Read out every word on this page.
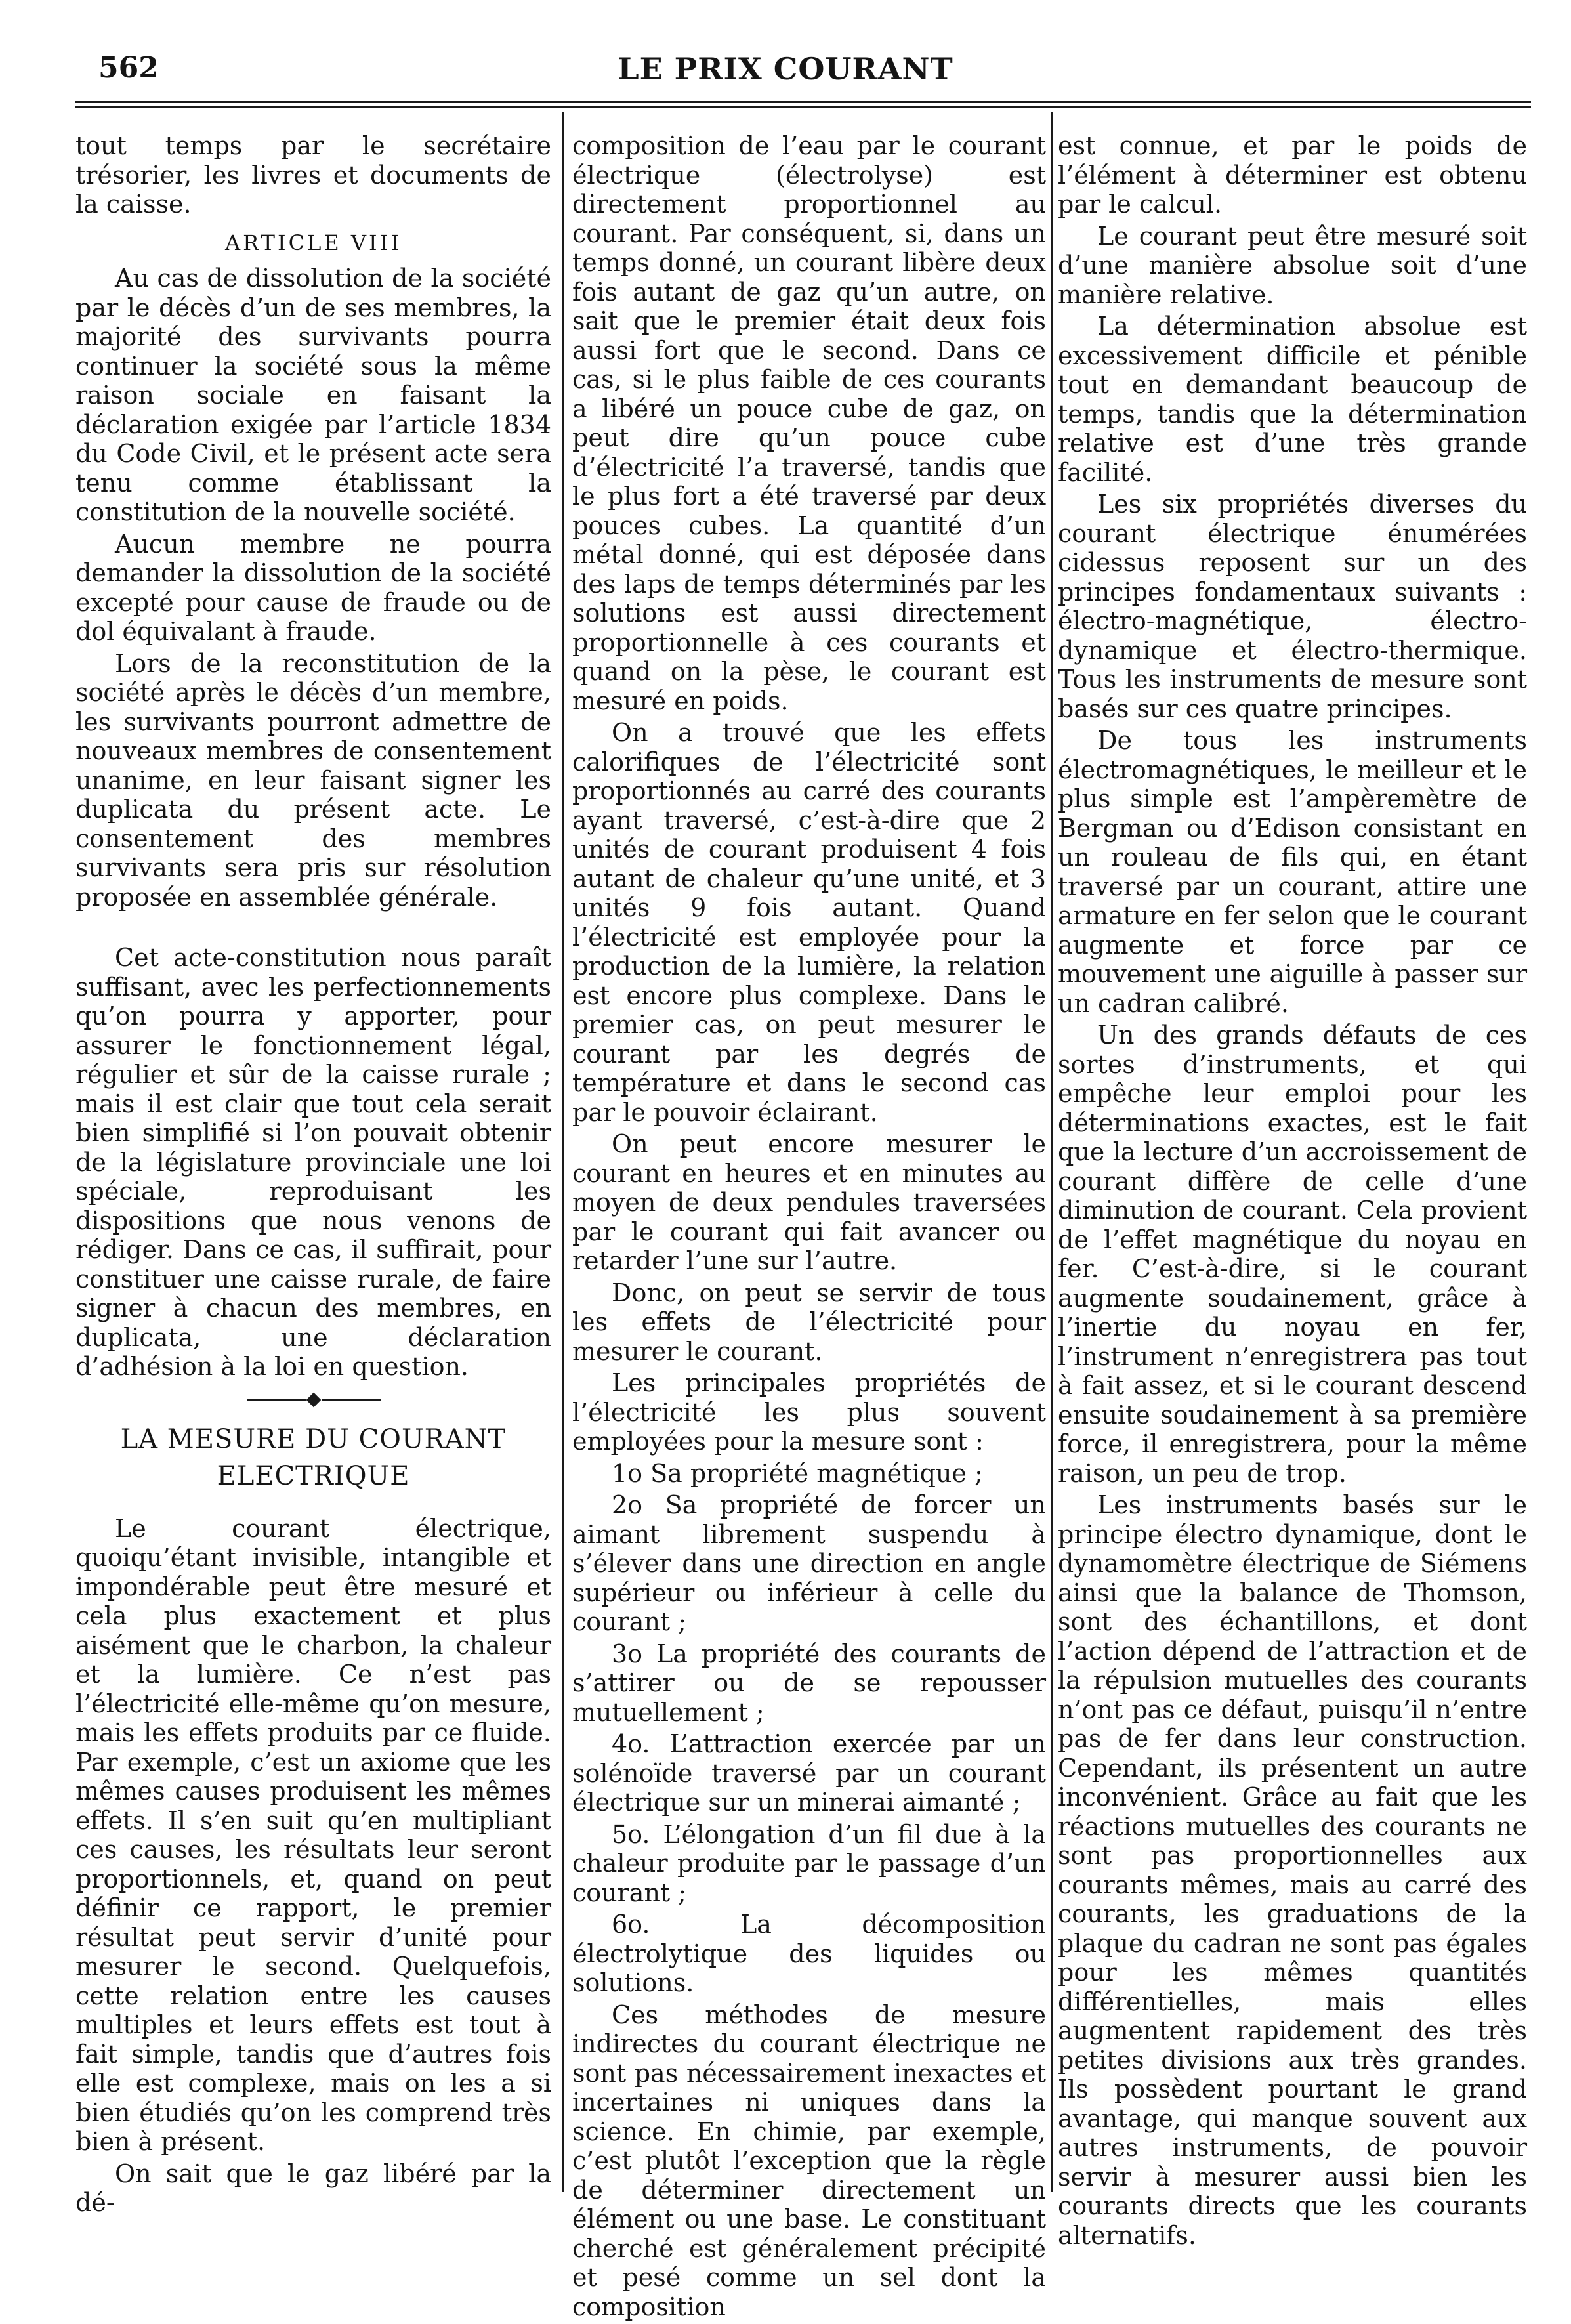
562	LE PRIX COURANT

tout temps par le secrétaire trésorier, les livres et documents de la caisse.

ARTICLE VIII

Au cas de dissolution de la société par le décès d’un de ses membres, la majorité des survivants pourra continuer la société sous la même raison sociale en faisant la déclaration exigée par l’article 1834 du Code Civil, et le présent acte sera tenu comme établissant la constitution de la nouvelle société.

Aucun membre ne pourra demander la dissolution de la société excepté pour cause de fraude ou de dol équivalant à fraude.

Lors de la reconstitution de la société après le décès d’un membre, les survivants pourront admettre de nouveaux membres de consentement unanime, en leur faisant signer les duplicata du présent acte. Le consentement des membres survivants sera pris sur résolution proposée en assemblée générale.

Cet acte-constitution nous paraît suffisant, avec les perfectionnements qu’on pourra y apporter, pour assurer le fonctionnement légal, régulier et sûr de la caisse rurale ; mais il est clair que tout cela serait bien simplifié si l’on pouvait obtenir de la législature provinciale une loi spéciale, reproduisant les dispositions que nous venons de rédiger. Dans ce cas, il suffirait, pour constituer une caisse rurale, de faire signer à chacun des membres, en duplicata, une déclaration d’adhésion à la loi en question.

LA MESURE DU COURANT
ELECTRIQUE

Le courant électrique, quoiqu’étant invisible, intangible et impondérable peut être mesuré et cela plus exactement et plus aisément que le charbon, la chaleur et la lumière. Ce n’est pas l’électricité elle-même qu’on mesure, mais les effets produits par ce fluide. Par exemple, c’est un axiome que les mêmes causes produisent les mêmes effets. Il s’en suit qu’en multipliant ces causes, les résultats leur seront proportionnels, et, quand on peut définir ce rapport, le premier résultat peut servir d’unité pour mesurer le second. Quelquefois, cette relation entre les causes multiples et leurs effets est tout à fait simple, tandis que d’autres fois elle est complexe, mais on les a si bien étudiés qu’on les comprend très bien à présent.

On sait que le gaz libéré par la dé-

composition de l’eau par le courant électrique (électrolyse) est directement proportionnel au courant. Par conséquent, si, dans un temps donné, un courant libère deux fois autant de gaz qu’un autre, on sait que le premier était deux fois aussi fort que le second. Dans ce cas, si le plus faible de ces courants a libéré un pouce cube de gaz, on peut dire qu’un pouce cube d’électricité l’a traversé, tandis que le plus fort a été traversé par deux pouces cubes. La quantité d’un métal donné, qui est déposée dans des laps de temps déterminés par les solutions est aussi directement proportionnelle à ces courants et quand on la pèse, le courant est mesuré en poids.

On a trouvé que les effets calorifiques de l’électricité sont proportionnés au carré des courants ayant traversé, c’est-à-dire que 2 unités de courant produisent 4 fois autant de chaleur qu’une unité, et 3 unités 9 fois autant. Quand l’électricité est employée pour la production de la lumière, la relation est encore plus complexe. Dans le premier cas, on peut mesurer le courant par les degrés de température et dans le second cas par le pouvoir éclairant.

On peut encore mesurer le courant en heures et en minutes au moyen de deux pendules traversées par le courant qui fait avancer ou retarder l’une sur l’autre.

Donc, on peut se servir de tous les effets de l’électricité pour mesurer le courant.

Les principales propriétés de l’électricité les plus souvent employées pour la mesure sont :

1o Sa propriété magnétique ;

2o Sa propriété de forcer un aimant librement suspendu à s’élever dans une direction en angle supérieur ou inférieur à celle du courant ;

3o La propriété des courants de s’attirer ou de se repousser mutuellement ;

4o. L’attraction exercée par un solénoïde traversé par un courant électrique sur un minerai aimanté ;

5o. L’élongation d’un fil due à la chaleur produite par le passage d’un courant ;

6o. La décomposition électrolytique des liquides ou solutions.

Ces méthodes de mesure indirectes du courant électrique ne sont pas nécessairement inexactes et incertaines ni uniques dans la science. En chimie, par exemple, c’est plutôt l’exception que la règle de déterminer directement un élément ou une base. Le constituant cherché est généralement précipité et pesé comme un sel dont la composition

est connue, et par le poids de l’élément à déterminer est obtenu par le calcul.

Le courant peut être mesuré soit d’une manière absolue soit d’une manière relative.

La détermination absolue est excessivement difficile et pénible tout en demandant beaucoup de temps, tandis que la détermination relative est d’une très grande facilité.

Les six propriétés diverses du courant électrique énumérées cidessus reposent sur un des principes fondamentaux suivants : électro-magnétique, électro-dynamique et électro-thermique. Tous les instruments de mesure sont basés sur ces quatre principes.

De tous les instruments électromagnétiques, le meilleur et le plus simple est l’ampèremètre de Bergman ou d’Edison consistant en un rouleau de fils qui, en étant traversé par un courant, attire une armature en fer selon que le courant augmente et force par ce mouvement une aiguille à passer sur un cadran calibré.

Un des grands défauts de ces sortes d’instruments, et qui empêche leur emploi pour les déterminations exactes, est le fait que la lecture d’un accroissement de courant diffère de celle d’une diminution de courant. Cela provient de l’effet magnétique du noyau en fer. C’est-à-dire, si le courant augmente soudainement, grâce à l’inertie du noyau en fer, l’instrument n’enregistrera pas tout à fait assez, et si le courant descend ensuite soudainement à sa première force, il enregistrera, pour la même raison, un peu de trop.

Les instruments basés sur le principe électro dynamique, dont le dynamomètre électrique de Siémens ainsi que la balance de Thomson, sont des échantillons, et dont l’action dépend de l’attraction et de la répulsion mutuelles des courants n’ont pas ce défaut, puisqu’il n’entre pas de fer dans leur construction. Cependant, ils présentent un autre inconvénient. Grâce au fait que les réactions mutuelles des courants ne sont pas proportionnelles aux courants mêmes, mais au carré des courants, les graduations de la plaque du cadran ne sont pas égales pour les mêmes quantités différentielles, mais elles augmentent rapidement des très petites divisions aux très grandes. Ils possèdent pourtant le grand avantage, qui manque souvent aux autres instruments, de pouvoir servir à mesurer aussi bien les courants directs que les courants alternatifs.
